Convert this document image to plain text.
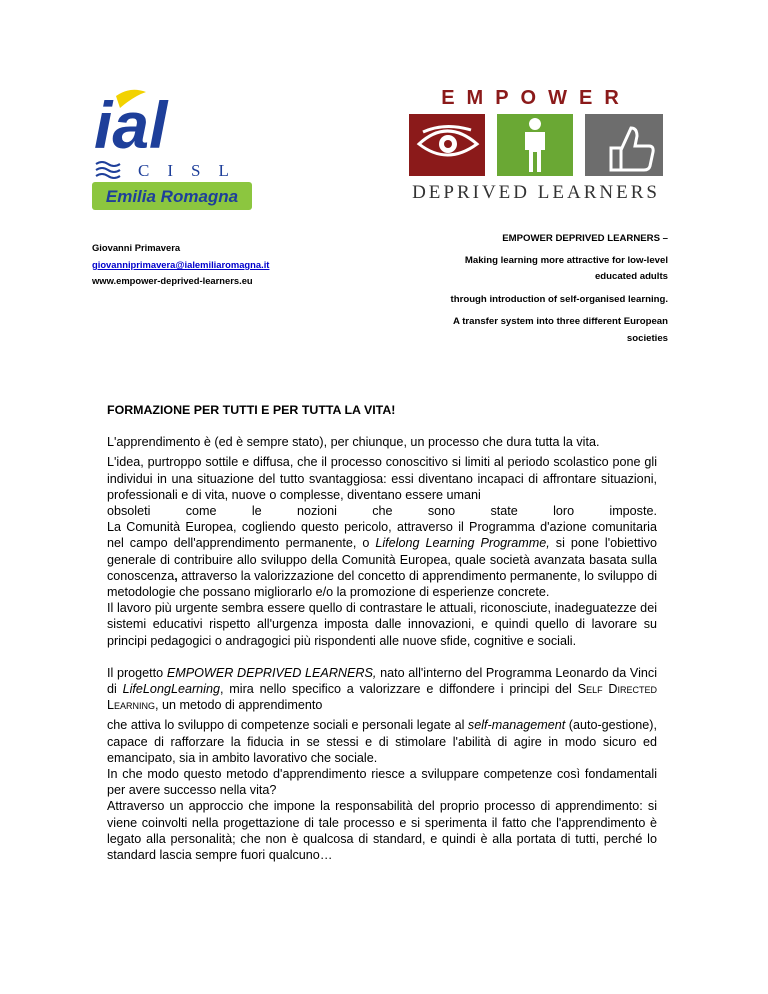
ial
CISL
Emilia Romagna
EMPOWER
DEPRIVED LEARNERS
EMPOWER DEPRIVED LEARNERS –
Making learning more attractive for low-level
educated adults
through introduction of self-organised learning.
A transfer system into three different European
societies
Giovanni Primavera
giovanniprimavera@ialemiliaromagna.it
www.empower-deprived-learners.eu

FORMAZIONE PER TUTTI E PER TUTTA LA VITA!

L'apprendimento è (ed è sempre stato), per chiunque, un processo che dura tutta la vita.

L'idea, purtroppo sottile e diffusa, che il processo conoscitivo si limiti al periodo scolastico pone gli individui in una situazione del tutto svantaggiosa: essi diventano incapaci di affrontare situazioni, professionali e di vita, nuove o complesse, diventano essere umani

obsoleti	come	le	nozioni	che	sono	state	loro	imposte.

La Comunità Europea, cogliendo questo pericolo, attraverso il Programma d'azione comunitaria nel campo dell'apprendimento permanente, o Lifelong Learning Programme, si pone l'obiettivo generale di contribuire allo sviluppo della Comunità Europea, quale società avanzata basata sulla conoscenza, attraverso la valorizzazione del concetto di apprendimento permanente, lo sviluppo di metodologie che possano migliorarlo e/o la promozione di esperienze concrete.

Il lavoro più urgente sembra essere quello di contrastare le attuali, riconosciute, inadeguatezze dei sistemi educativi rispetto all'urgenza imposta dalle innovazioni, e quindi quello di lavorare su principi pedagogici o andragogici più rispondenti alle nuove sfide, cognitive e sociali.

Il progetto EMPOWER DEPRIVED LEARNERS, nato all'interno del Programma Leonardo da Vinci di LifeLongLearning, mira nello specifico a valorizzare e diffondere i principi del Self Directed Learning, un metodo di apprendimento

che attiva lo sviluppo di competenze sociali e personali legate al self-management (auto-gestione), capace di rafforzare la fiducia in se stessi e di stimolare l'abilità di agire in modo sicuro ed emancipato, sia in ambito lavorativo che sociale.

In che modo questo metodo d'apprendimento riesce a sviluppare competenze così fondamentali per avere successo nella vita?

Attraverso un approccio che impone la responsabilità del proprio processo di apprendimento: si viene coinvolti nella progettazione di tale processo e si sperimenta il fatto che l'apprendimento è legato alla personalità; che non è qualcosa di standard, e quindi è alla portata di tutti, perché lo standard lascia sempre fuori qualcuno…
